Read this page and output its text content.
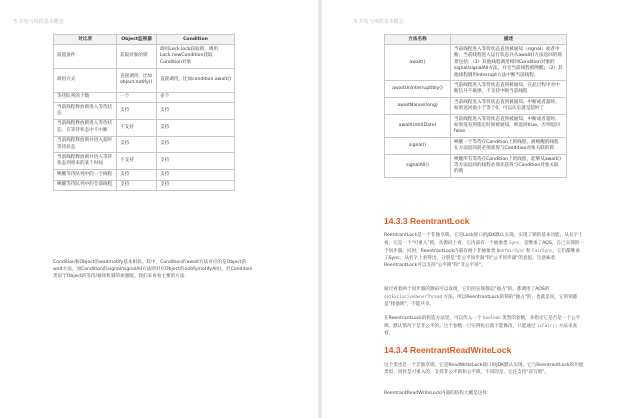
5 并发与线程基本概念
对比项	Object监视器	Condition
前置条件	获取对象的锁	调用Lock.lock获取锁，调用Lock.newCondition获取Condition对象
调用方式	直接调用，比如object.notify()	直接调用，比如condition.await()
等待队列的个数	一个	多个
当前线程释放锁进入等待状态	支持	支持
当前线程释放锁进入等待状态，在等待状态中不中断	不支持	支持
当前线程释放锁并进入超时等待状态	支持	支持
当前线程释放锁并进入等待状态到将来的某个时间	不支持	支持
唤醒等待队列中的一个线程	支持	支持
唤醒等待队列中的全部线程	支持	支持

Condition和Object的wait/notify基本相似。其中，Condition的await方法对应的是Object的wait方法，而Condition的signal/signalAll方法则对应Object的notify/notifyAll()。但Condition类似于Object的等待/通知机制的加强版。我们来看看主要的方法：

5 并发与线程基本概念
方法名称	描述
await()	当前线程进入等待状态直到被通知（signal）或者中断；当前线程进入运行状态并从await()方法返回的场景包括：（1）其他线程调用相同Condition对象的signal/signalAll方法，并且当前线程被唤醒；（2）其他线程调用interrupt方法中断当前线程；
awaitUninterruptibly()	当前线程进入等待状态直到被通知，在此过程中对中断信号不敏感，不支持中断当前线程
awaitNanos(long)	当前线程进入等待状态直到被通知、中断或者超时。如果返回值小于等于0，可以认定就是超时了
awaitUntil(Date)	当前线程进入等待状态直到被通知、中断或者超时。如果没有到指定时间被通知，则返回true，否则返回false
signal()	唤醒一个等待在Condition上的线程，被唤醒的线程在方法返回前必须获得与Condition对象关联的锁
signalAll()	唤醒所有等待在Condition上的线程，能够从await()等方法返回的线程必须先获得与Condition对象关联的锁
14.3.3 ReentrantLock

ReentrantLock是一个非独享锁。它是Lock接口的JDK默认实现。实现了锁的基本功能，从名字上看，它是一个"可重入"锁，从源码上看，它内部有一个抽象类 Sync，是继承了AQS，自己实现的一个同步器。同时，ReentrantLock内部有两个非抽象类 NonfairSync 和 FairSync，它们都继承了Sync。从名字上看得出，分别是"非公平同步器"和"公平同步器"的意思。这意味着ReentrantLock可以支持"公平锁"和"非公平锁"。

通过看着两个同步器的源码可以发现，它们的实现都是"独占"的。都调用了AOS的 setExclusiveOwnerThread 方法，所以ReentrantLock的锁的"独占"的，也就是说，它的锁都是"排他锁"，不能共享。

在ReentrantLock的构造方法里，可以传入一个 boolean 类型的参数，来指定它是否是一个公平锁。默认情况下是非公平的。这个参数一旦实例化后就不能修改，只能通过 isFair() 方法来查看。

14.3.4 ReentrantReadWriteLock

这个类也是一个非独享锁。它是ReadWriteLock接口的JDK默认实现。它与ReentrantLock的功能类似，同样是可重入的，支持非公平锁和公平锁。不同的是，它还支持"读写锁"。

ReentrantReadWriteLock内部的结构大概是这样：
